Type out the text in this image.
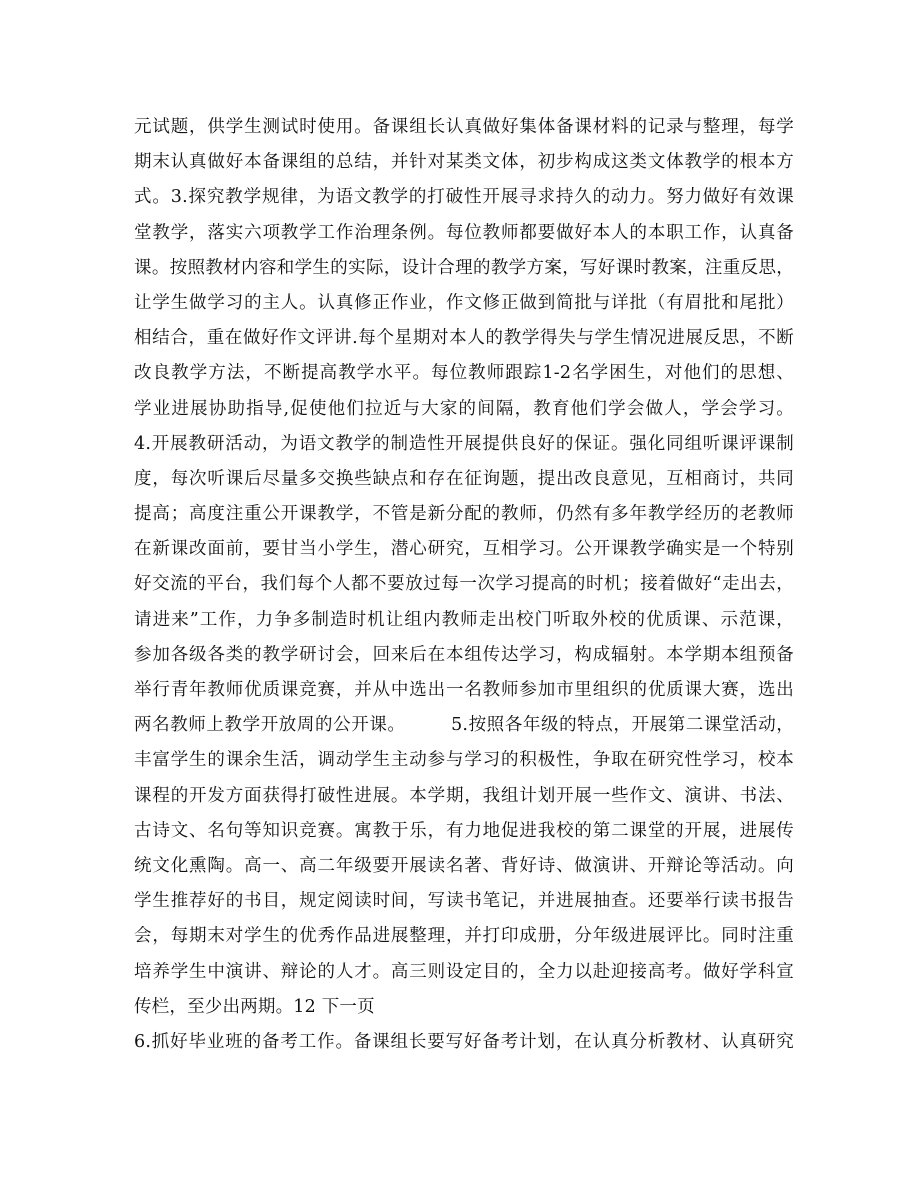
元试题，供学生测试时使用。备课组长认真做好集体备课材料的记录与整理，每学
期末认真做好本备课组的总结，并针对某类文体，初步构成这类文体教学的根本方
式。3.探究教学规律，为语文教学的打破性开展寻求持久的动力。努力做好有效课
堂教学，落实六项教学工作治理条例。每位教师都要做好本人的本职工作，认真备
课。按照教材内容和学生的实际，设计合理的教学方案，写好课时教案，注重反思，
让学生做学习的主人。认真修正作业，作文修正做到简批与详批（有眉批和尾批）
相结合，重在做好作文评讲.每个星期对本人的教学得失与学生情况进展反思，不断
改良教学方法，不断提高教学水平。每位教师跟踪1-2名学困生，对他们的思想、
学业进展协助指导,促使他们拉近与大家的间隔，教育他们学会做人，学会学习。
4.开展教研活动，为语文教学的制造性开展提供良好的保证。强化同组听课评课制
度，每次听课后尽量多交换些缺点和存在征询题，提出改良意见，互相商讨，共同
提高；高度注重公开课教学，不管是新分配的教师，仍然有多年教学经历的老教师
在新课改面前，要甘当小学生，潜心研究，互相学习。公开课教学确实是一个特别
好交流的平台，我们每个人都不要放过每一次学习提高的时机；接着做好“走出去，
请进来”工作，力争多制造时机让组内教师走出校门听取外校的优质课、示范课，
参加各级各类的教学研讨会，回来后在本组传达学习，构成辐射。本学期本组预备
举行青年教师优质课竞赛，并从中选出一名教师参加市里组织的优质课大赛，选出
两名教师上教学开放周的公开课。　　　5.按照各年级的特点，开展第二课堂活动，
丰富学生的课余生活，调动学生主动参与学习的积极性，争取在研究性学习，校本
课程的开发方面获得打破性进展。本学期，我组计划开展一些作文、演讲、书法、
古诗文、名句等知识竞赛。寓教于乐，有力地促进我校的第二课堂的开展，进展传
统文化熏陶。高一、高二年级要开展读名著、背好诗、做演讲、开辩论等活动。向
学生推荐好的书目，规定阅读时间，写读书笔记，并进展抽查。还要举行读书报告
会，每期末对学生的优秀作品进展整理，并打印成册，分年级进展评比。同时注重
培养学生中演讲、辩论的人才。高三则设定目的，全力以赴迎接高考。做好学科宣
传栏，至少出两期。12 下一页
6.抓好毕业班的备考工作。备课组长要写好备考计划，在认真分析教材、认真研究
